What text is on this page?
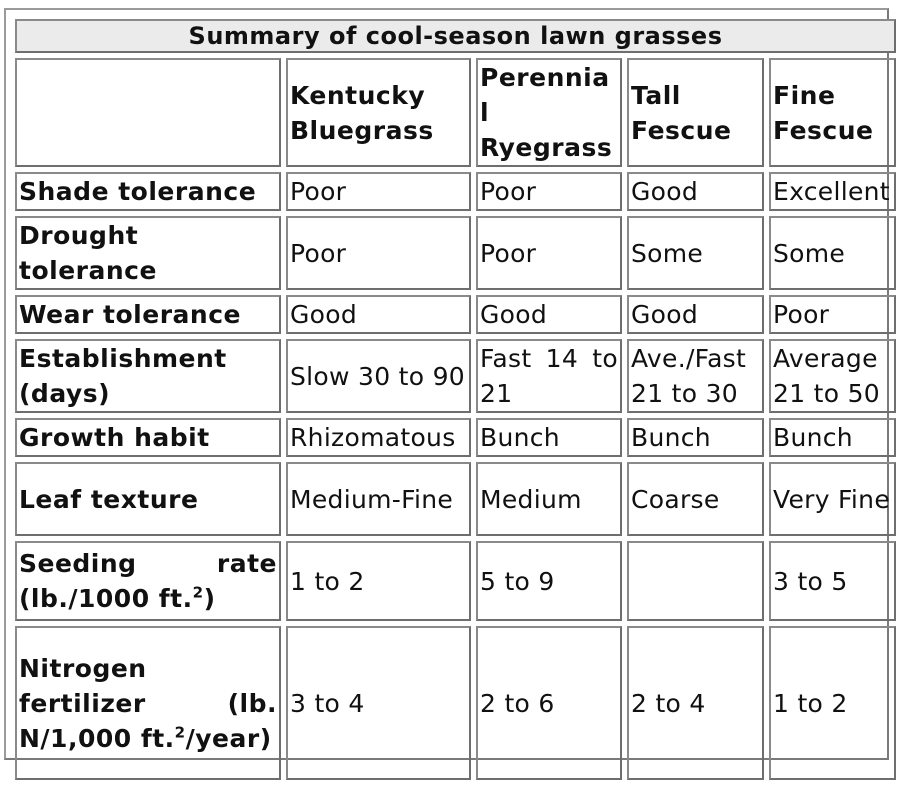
Summary of cool-season lawn grasses				
	Kentucky Bluegrass	Perennial Ryegrass	Tall Fescue	Fine Fescue
Shade tolerance	Poor	Poor	Good	Excellent
Drought tolerance	Poor	Poor	Some	Some
Wear tolerance	Good	Good	Good	Poor
Establishment (days)	Slow 30 to 90	Fast 14 to 21	Ave./Fast 21 to 30	Average 21 to 50
Growth habit	Rhizomatous	Bunch	Bunch	Bunch
Leaf texture	Medium-Fine	Medium	Coarse	Very Fine
Seeding rate (lb./1000 ft.$^2$)	1 to 2	5 to 9		3 to 5
Nitrogen fertilizer (lb. N/1,000 ft.$^2$/year)	3 to 4	2 to 6	2 to 4	1 to 2
